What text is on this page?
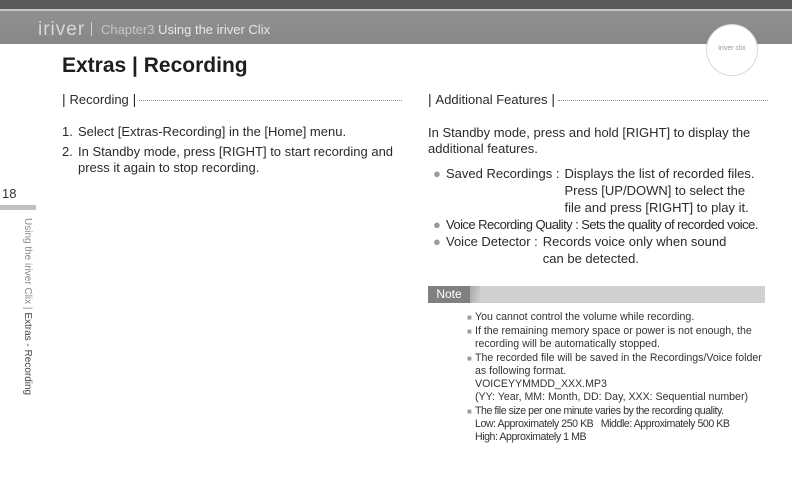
iriver Chapter3 Using the iriver Clix
iriver clix
Extras | Recording
18
Using the iriver Clix | Extras - Recording
| Recording |
1. Select [Extras-Recording] in the [Home] menu.
2. In Standby mode, press [RIGHT] to start recording and press it again to stop recording.
| Additional Features |
In Standby mode, press and hold [RIGHT] to display the additional features.
● Saved Recordings : Displays the list of recorded files. Press [UP/DOWN] to select the file and press [RIGHT] to play it.
● Voice Recording Quality : Sets the quality of recorded voice.
● Voice Detector : Records voice only when sound can be detected.
Note
■ You cannot control the volume while recording.
■ If the remaining memory space or power is not enough, the recording will be automatically stopped.
■ The recorded file will be saved in the Recordings/Voice folder as following format.
VOICEYYMMDD_XXX.MP3
(YY: Year, MM: Month, DD: Day, XXX: Sequential number)
■ The file size per one minute varies by the recording quality.
Low: Approximately 250 KB   Middle: Approximately 500 KB
High: Approximately 1 MB
